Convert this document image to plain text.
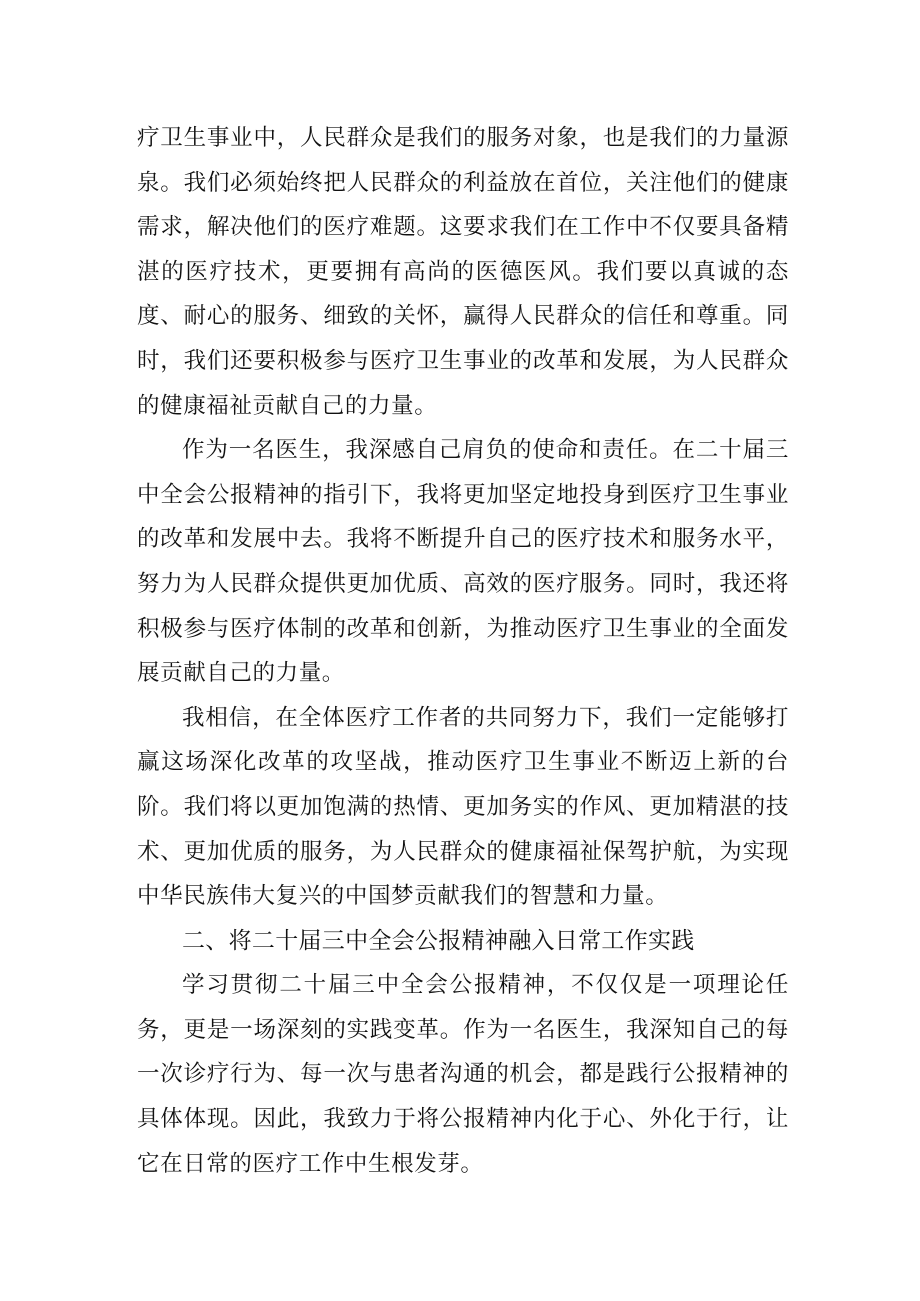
疗卫生事业中，人民群众是我们的服务对象，也是我们的力量源泉。我们必须始终把人民群众的利益放在首位，关注他们的健康需求，解决他们的医疗难题。这要求我们在工作中不仅要具备精湛的医疗技术，更要拥有高尚的医德医风。我们要以真诚的态度、耐心的服务、细致的关怀，赢得人民群众的信任和尊重。同时，我们还要积极参与医疗卫生事业的改革和发展，为人民群众的健康福祉贡献自己的力量。

作为一名医生，我深感自己肩负的使命和责任。在二十届三中全会公报精神的指引下，我将更加坚定地投身到医疗卫生事业的改革和发展中去。我将不断提升自己的医疗技术和服务水平，努力为人民群众提供更加优质、高效的医疗服务。同时，我还将积极参与医疗体制的改革和创新，为推动医疗卫生事业的全面发展贡献自己的力量。

我相信，在全体医疗工作者的共同努力下，我们一定能够打赢这场深化改革的攻坚战，推动医疗卫生事业不断迈上新的台阶。我们将以更加饱满的热情、更加务实的作风、更加精湛的技术、更加优质的服务，为人民群众的健康福祉保驾护航，为实现中华民族伟大复兴的中国梦贡献我们的智慧和力量。

二、将二十届三中全会公报精神融入日常工作实践

学习贯彻二十届三中全会公报精神，不仅仅是一项理论任务，更是一场深刻的实践变革。作为一名医生，我深知自己的每一次诊疗行为、每一次与患者沟通的机会，都是践行公报精神的具体体现。因此，我致力于将公报精神内化于心、外化于行，让它在日常的医疗工作中生根发芽。
